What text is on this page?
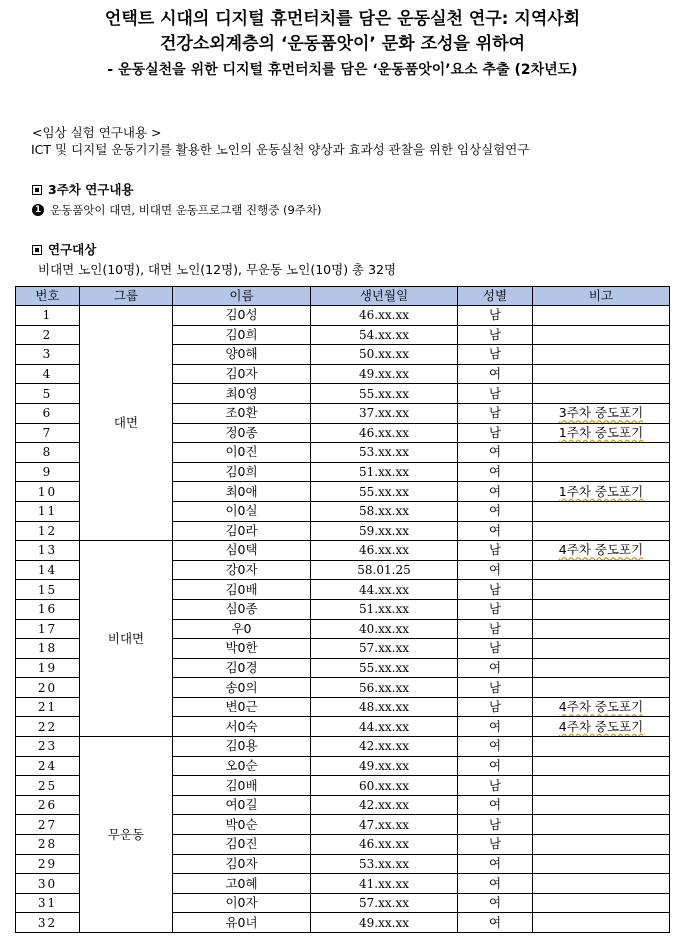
언택트 시대의 디지털 휴먼터치를 담은 운동실천 연구: 지역사회
건강소외계층의 ‘운동품앗이’ 문화 조성을 위하여
- 운동실천을 위한 디지털 휴먼터치를 담은 ‘운동품앗이’요소 추출 (2차년도)
<임상 실험 연구내용 >
ICT 및 디지털 운동기기를 활용한 노인의 운동실천 양상과 효과성 관찰을 위한 임상실험연구
3주차 연구내용
1 운동품앗이 대면, 비대면 운동프로그램 진행중 (9주차)
연구대상
비대면 노인(10명), 대면 노인(12명), 무운동 노인(10명) 총 32명
번호	그룹	이름	생년월일	성별	비고
1	대면	김0성	46.xx.xx	남	
2		김0희	54.xx.xx	남	
3		양0해	50.xx.xx	남	
4		김0자	49.xx.xx	여	
5		최0영	55.xx.xx	남	
6		조0환	37.xx.xx	남	3주차 중도포기
7		정0종	46.xx.xx	남	1주차 중도포기
8		이0진	53.xx.xx	여	
9		김0희	51.xx.xx	여	
10		최0애	55.xx.xx	여	1주차 중도포기
11		이0실	58.xx.xx	여	
12		김0라	59.xx.xx	여	
13	비대면	심0택	46.xx.xx	남	4주차 중도포기
14		강0자	58.01.25	여	
15		김0배	44.xx.xx	남	
16		심0종	51.xx.xx	남	
17		우0	40.xx.xx	남	
18		박0한	57.xx.xx	남	
19		김0경	55.xx.xx	여	
20		송0의	56.xx.xx	남	
21		변0근	48.xx.xx	남	4주차 중도포기
22		서0숙	44.xx.xx	여	4주차 중도포기
23	무운동	김0용	42.xx.xx	여	
24		오0순	49.xx.xx	여	
25		김0배	60.xx.xx	남	
26		여0길	42.xx.xx	여	
27		박0순	47.xx.xx	남	
28		김0진	46.xx.xx	남	
29		김0자	53.xx.xx	여	
30		고0혜	41.xx.xx	여	
31		이0자	57.xx.xx	여	
32		유0녀	49.xx.xx	여	
